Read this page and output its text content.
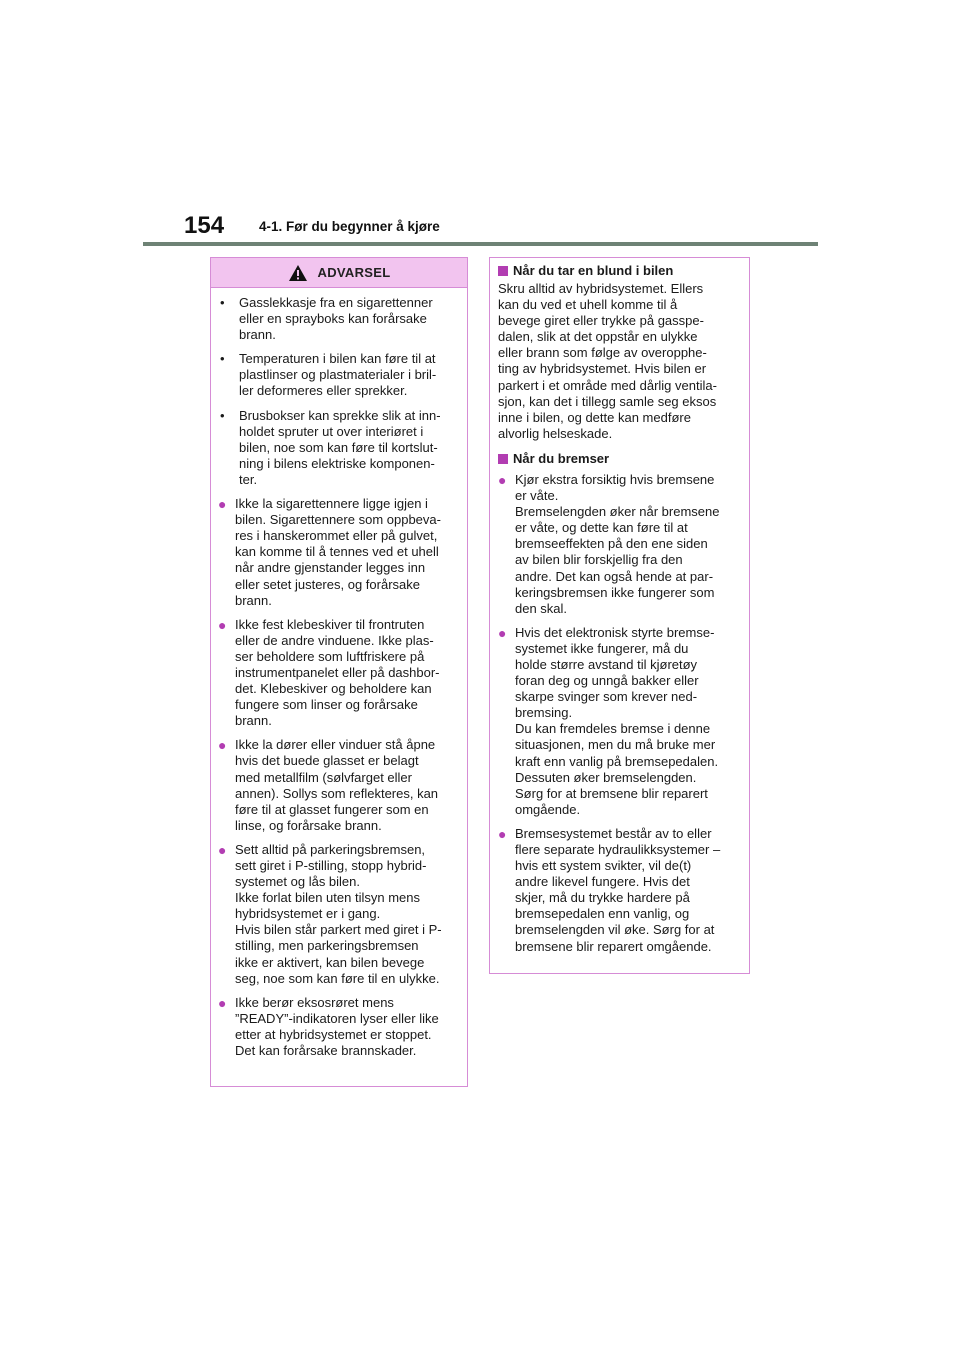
154	4-1. Før du begynner å kjøre
ADVARSEL
•	Gasslekkasje fra en sigarettenner
eller en sprayboks kan forårsake
brann.

•	Temperaturen i bilen kan føre til at
plastlinser og plastmaterialer i bril-
ler deformeres eller sprekker.

•	Brusbokser kan sprekke slik at inn-
holdet spruter ut over interiøret i
bilen, noe som kan føre til kortslut-
ning i bilens elektriske komponen-
ter.

● Ikke la sigarettennere ligge igjen i
bilen. Sigarettennere som oppbeva-
res i hanskerommet eller på gulvet,
kan komme til å tennes ved et uhell
når andre gjenstander legges inn
eller setet justeres, og forårsake
brann.

● Ikke fest klebeskiver til frontruten
eller de andre vinduene. Ikke plas-
ser beholdere som luftfriskere på
instrumentpanelet eller på dashbor-
det. Klebeskiver og beholdere kan
fungere som linser og forårsake
brann.

● Ikke la dører eller vinduer stå åpne
hvis det buede glasset er belagt
med metallfilm (sølvfarget eller
annen). Sollys som reflekteres, kan
føre til at glasset fungerer som en
linse, og forårsake brann.

● Sett alltid på parkeringsbremsen,
sett giret i P-stilling, stopp hybrid-
systemet og lås bilen.
Ikke forlat bilen uten tilsyn mens
hybridsystemet er i gang.
Hvis bilen står parkert med giret i P-
stilling, men parkeringsbremsen
ikke er aktivert, kan bilen bevege
seg, noe som kan føre til en ulykke.

● Ikke berør eksosrøret mens
”READY”-indikatoren lyser eller like
etter at hybridsystemet er stoppet.
Det kan forårsake brannskader.

Når du tar en blund i bilen

Skru alltid av hybridsystemet. Ellers
kan du ved et uhell komme til å
bevege giret eller trykke på gasspe-
dalen, slik at det oppstår en ulykke
eller brann som følge av overopphe-
ting av hybridsystemet. Hvis bilen er
parkert i et område med dårlig ventila-
sjon, kan det i tillegg samle seg eksos
inne i bilen, og dette kan medføre
alvorlig helseskade.

Når du bremser
● Kjør ekstra forsiktig hvis bremsene
er våte.
Bremselengden øker når bremsene
er våte, og dette kan føre til at
bremseeffekten på den ene siden
av bilen blir forskjellig fra den
andre. Det kan også hende at par-
keringsbremsen ikke fungerer som
den skal.

● Hvis det elektronisk styrte bremse-
systemet ikke fungerer, må du
holde større avstand til kjøretøy
foran deg og unngå bakker eller
skarpe svinger som krever ned-
bremsing.
Du kan fremdeles bremse i denne
situasjonen, men du må bruke mer
kraft enn vanlig på bremsepedalen.
Dessuten øker bremselengden.
Sørg for at bremsene blir reparert
omgående.

● Bremsesystemet består av to eller
flere separate hydraulikksystemer –
hvis ett system svikter, vil de(t)
andre likevel fungere. Hvis det
skjer, må du trykke hardere på
bremsepedalen enn vanlig, og
bremselengden vil øke. Sørg for at
bremsene blir reparert omgående.
